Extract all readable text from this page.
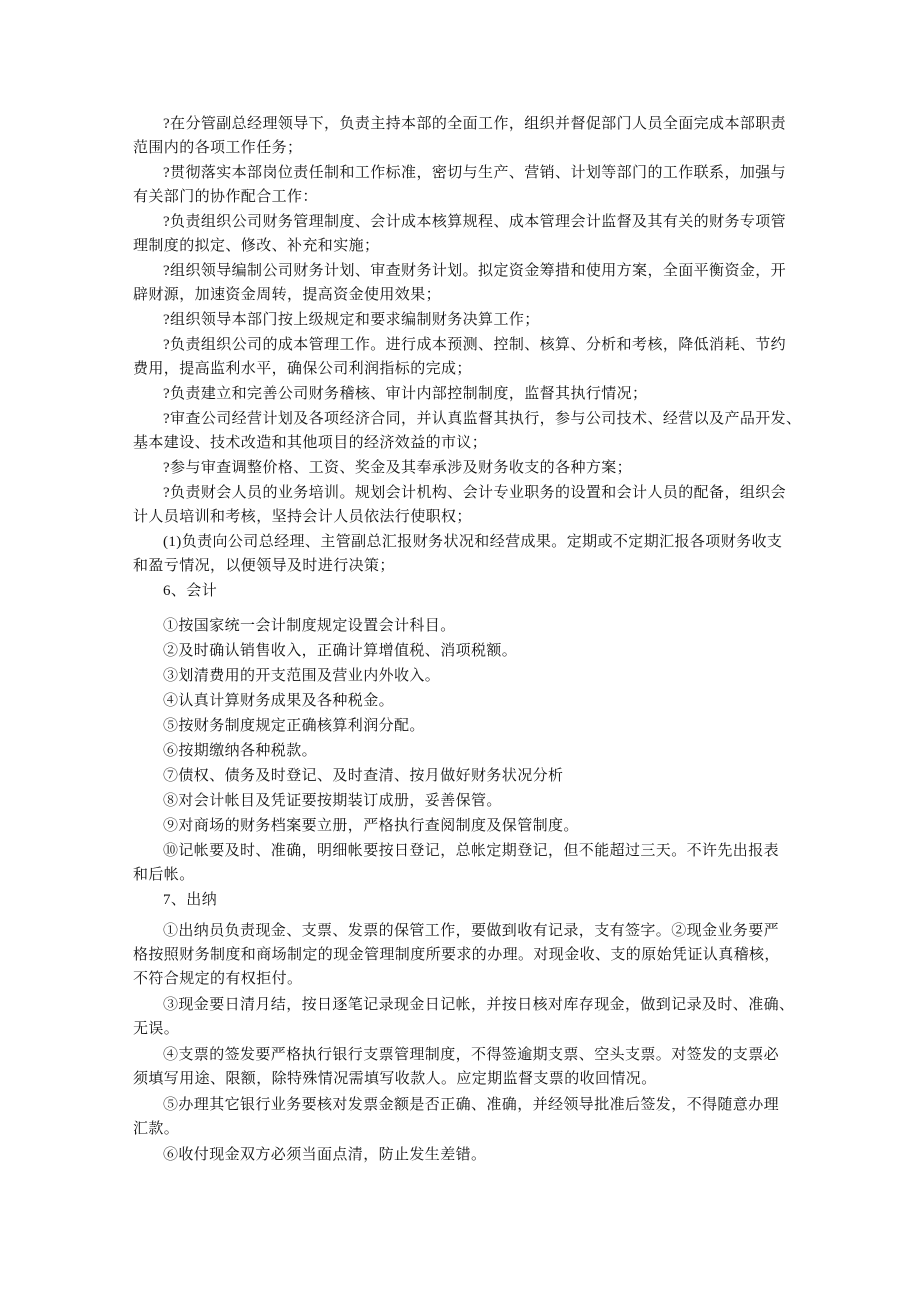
?在分管副总经理领导下，负责主持本部的全面工作，组织并督促部门人员全面完成本部职责
范围内的各项工作任务；
?贯彻落实本部岗位责任制和工作标准，密切与生产、营销、计划等部门的工作联系，加强与
有关部门的协作配合工作：
?负责组织公司财务管理制度、会计成本核算规程、成本管理会计监督及其有关的财务专项管
理制度的拟定、修改、补充和实施；
?组织领导编制公司财务计划、审查财务计划。拟定资金筹措和使用方案，全面平衡资金，开
辟财源，加速资金周转，提高资金使用效果；
?组织领导本部门按上级规定和要求编制财务决算工作；
?负责组织公司的成本管理工作。进行成本预测、控制、核算、分析和考核，降低消耗、节约
费用，提高监利水平，确保公司利润指标的完成；
?负责建立和完善公司财务稽核、审计内部控制制度，监督其执行情况；
?审查公司经营计划及各项经济合同，并认真监督其执行，参与公司技术、经营以及产品开发、
基本建设、技术改造和其他项目的经济效益的市议；
?参与审查调整价格、工资、奖金及其奉承涉及财务收支的各种方案；
?负责财会人员的业务培训。规划会计机构、会计专业职务的设置和会计人员的配备，组织会
计人员培训和考核，坚持会计人员依法行使职权；
(1)负责向公司总经理、主管副总汇报财务状况和经营成果。定期或不定期汇报各项财务收支
和盈亏情况，以便领导及时进行决策；
6、会计
①按国家统一会计制度规定设置会计科目。
②及时确认销售收入，正确计算增值税、消项税额。
③划清费用的开支范围及营业内外收入。
④认真计算财务成果及各种税金。
⑤按财务制度规定正确核算利润分配。
⑥按期缴纳各种税款。
⑦债权、债务及时登记、及时查清、按月做好财务状况分析
⑧对会计帐目及凭证要按期装订成册，妥善保管。
⑨对商场的财务档案要立册，严格执行查阅制度及保管制度。
⑩记帐要及时、准确，明细帐要按日登记，总帐定期登记，但不能超过三天。不许先出报表
和后帐。
7、出纳
①出纳员负责现金、支票、发票的保管工作，要做到收有记录，支有签字。②现金业务要严
格按照财务制度和商场制定的现金管理制度所要求的办理。对现金收、支的原始凭证认真稽核，
不符合规定的有权拒付。
③现金要日清月结，按日逐笔记录现金日记帐，并按日核对库存现金，做到记录及时、准确、
无误。
④支票的签发要严格执行银行支票管理制度，不得签逾期支票、空头支票。对签发的支票必
须填写用途、限额，除特殊情况需填写收款人。应定期监督支票的收回情况。
⑤办理其它银行业务要核对发票金额是否正确、准确，并经领导批准后签发，不得随意办理
汇款。
⑥收付现金双方必须当面点清，防止发生差错。
